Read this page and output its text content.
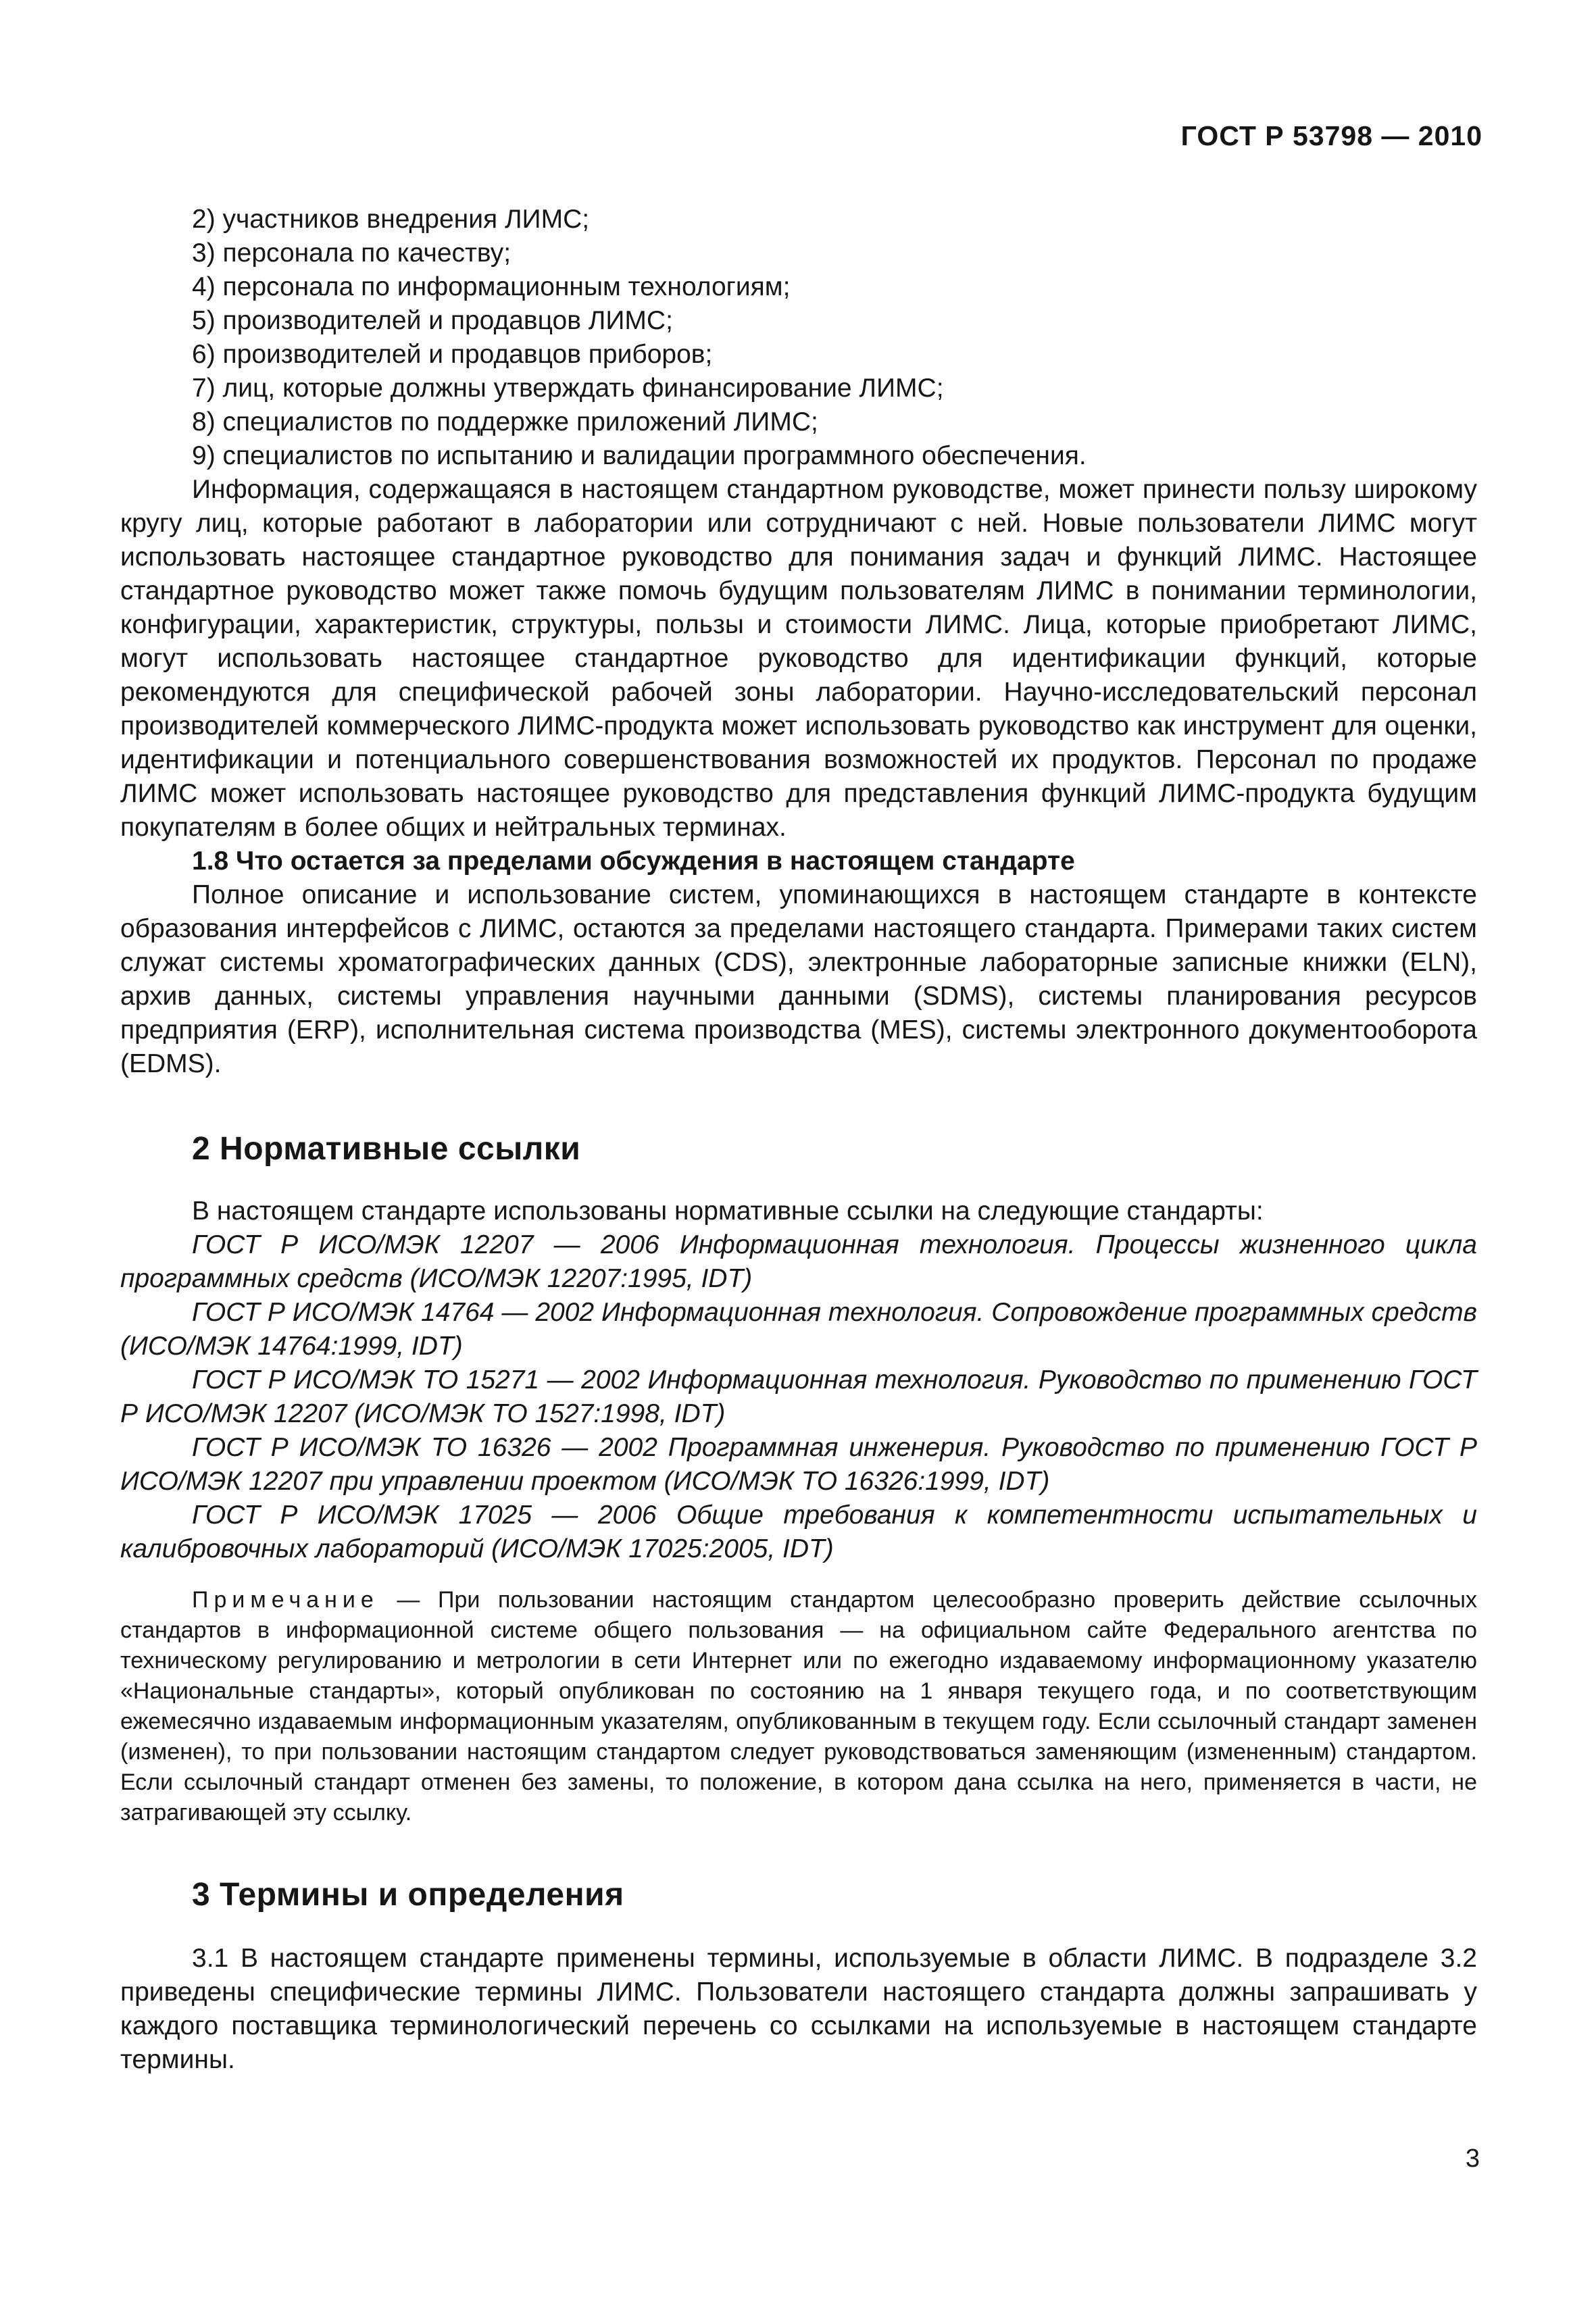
ГОСТ Р 53798 — 2010

2) участников внедрения ЛИМС;

3) персонала по качеству;

4) персонала по информационным технологиям;

5) производителей и продавцов ЛИМС;

6) производителей и продавцов приборов;

7) лиц, которые должны утверждать финансирование ЛИМС;

8) специалистов по поддержке приложений ЛИМС;

9) специалистов по испытанию и валидации программного обеспечения.

Информация, содержащаяся в настоящем стандартном руководстве, может принести пользу широкому кругу лиц, которые работают в лаборатории или сотрудничают с ней. Новые пользователи ЛИМС могут использовать настоящее стандартное руководство для понимания задач и функций ЛИМС. Настоящее стандартное руководство может также помочь будущим пользователям ЛИМС в понимании терминологии, конфигурации, характеристик, структуры, пользы и стоимости ЛИМС. Лица, которые приобретают ЛИМС, могут использовать настоящее стандартное руководство для идентификации функций, которые рекомендуются для специфической рабочей зоны лаборатории. Научно-исследовательский персонал производителей коммерческого ЛИМС-продукта может использовать руководство как инструмент для оценки, идентификации и потенциального совершенствования возможностей их продуктов. Персонал по продаже ЛИМС может использовать настоящее руководство для представления функций ЛИМС-продукта будущим покупателям в более общих и нейтральных терминах.

1.8 Что остается за пределами обсуждения в настоящем стандарте

Полное описание и использование систем, упоминающихся в настоящем стандарте в контексте образования интерфейсов с ЛИМС, остаются за пределами настоящего стандарта. Примерами таких систем служат системы хроматографических данных (CDS), электронные лабораторные записные книжки (ELN), архив данных, системы управления научными данными (SDMS), системы планирования ресурсов предприятия (ERP), исполнительная система производства (MES), системы электронного документооборота (EDMS).

2 Нормативные ссылки

В настоящем стандарте использованы нормативные ссылки на следующие стандарты:

ГОСТ Р ИСО/МЭК 12207 — 2006 Информационная технология. Процессы жизненного цикла программных средств (ИСО/МЭК 12207:1995, IDT)

ГОСТ Р ИСО/МЭК 14764 — 2002 Информационная технология. Сопровождение программных средств (ИСО/МЭК 14764:1999, IDT)

ГОСТ Р ИСО/МЭК ТО 15271 — 2002 Информационная технология. Руководство по применению ГОСТ Р ИСО/МЭК 12207 (ИСО/МЭК ТО 1527:1998, IDT)

ГОСТ Р ИСО/МЭК ТО 16326 — 2002 Программная инженерия. Руководство по применению ГОСТ Р ИСО/МЭК 12207 при управлении проектом (ИСО/МЭК ТО 16326:1999, IDT)

ГОСТ Р ИСО/МЭК 17025 — 2006 Общие требования к компетентности испытательных и калибровочных лабораторий (ИСО/МЭК 17025:2005, IDT)

Примечание — При пользовании настоящим стандартом целесообразно проверить действие ссылочных стандартов в информационной системе общего пользования — на официальном сайте Федерального агентства по техническому регулированию и метрологии в сети Интернет или по ежегодно издаваемому информационному указателю «Национальные стандарты», который опубликован по состоянию на 1 января текущего года, и по соответствующим ежемесячно издаваемым информационным указателям, опубликованным в текущем году. Если ссылочный стандарт заменен (изменен), то при пользовании настоящим стандартом следует руководствоваться заменяющим (измененным) стандартом. Если ссылочный стандарт отменен без замены, то положение, в котором дана ссылка на него, применяется в части, не затрагивающей эту ссылку.

3 Термины и определения

3.1 В настоящем стандарте применены термины, используемые в области ЛИМС. В подразделе 3.2 приведены специфические термины ЛИМС. Пользователи настоящего стандарта должны запрашивать у каждого поставщика терминологический перечень со ссылками на используемые в настоящем стандарте термины.

3
